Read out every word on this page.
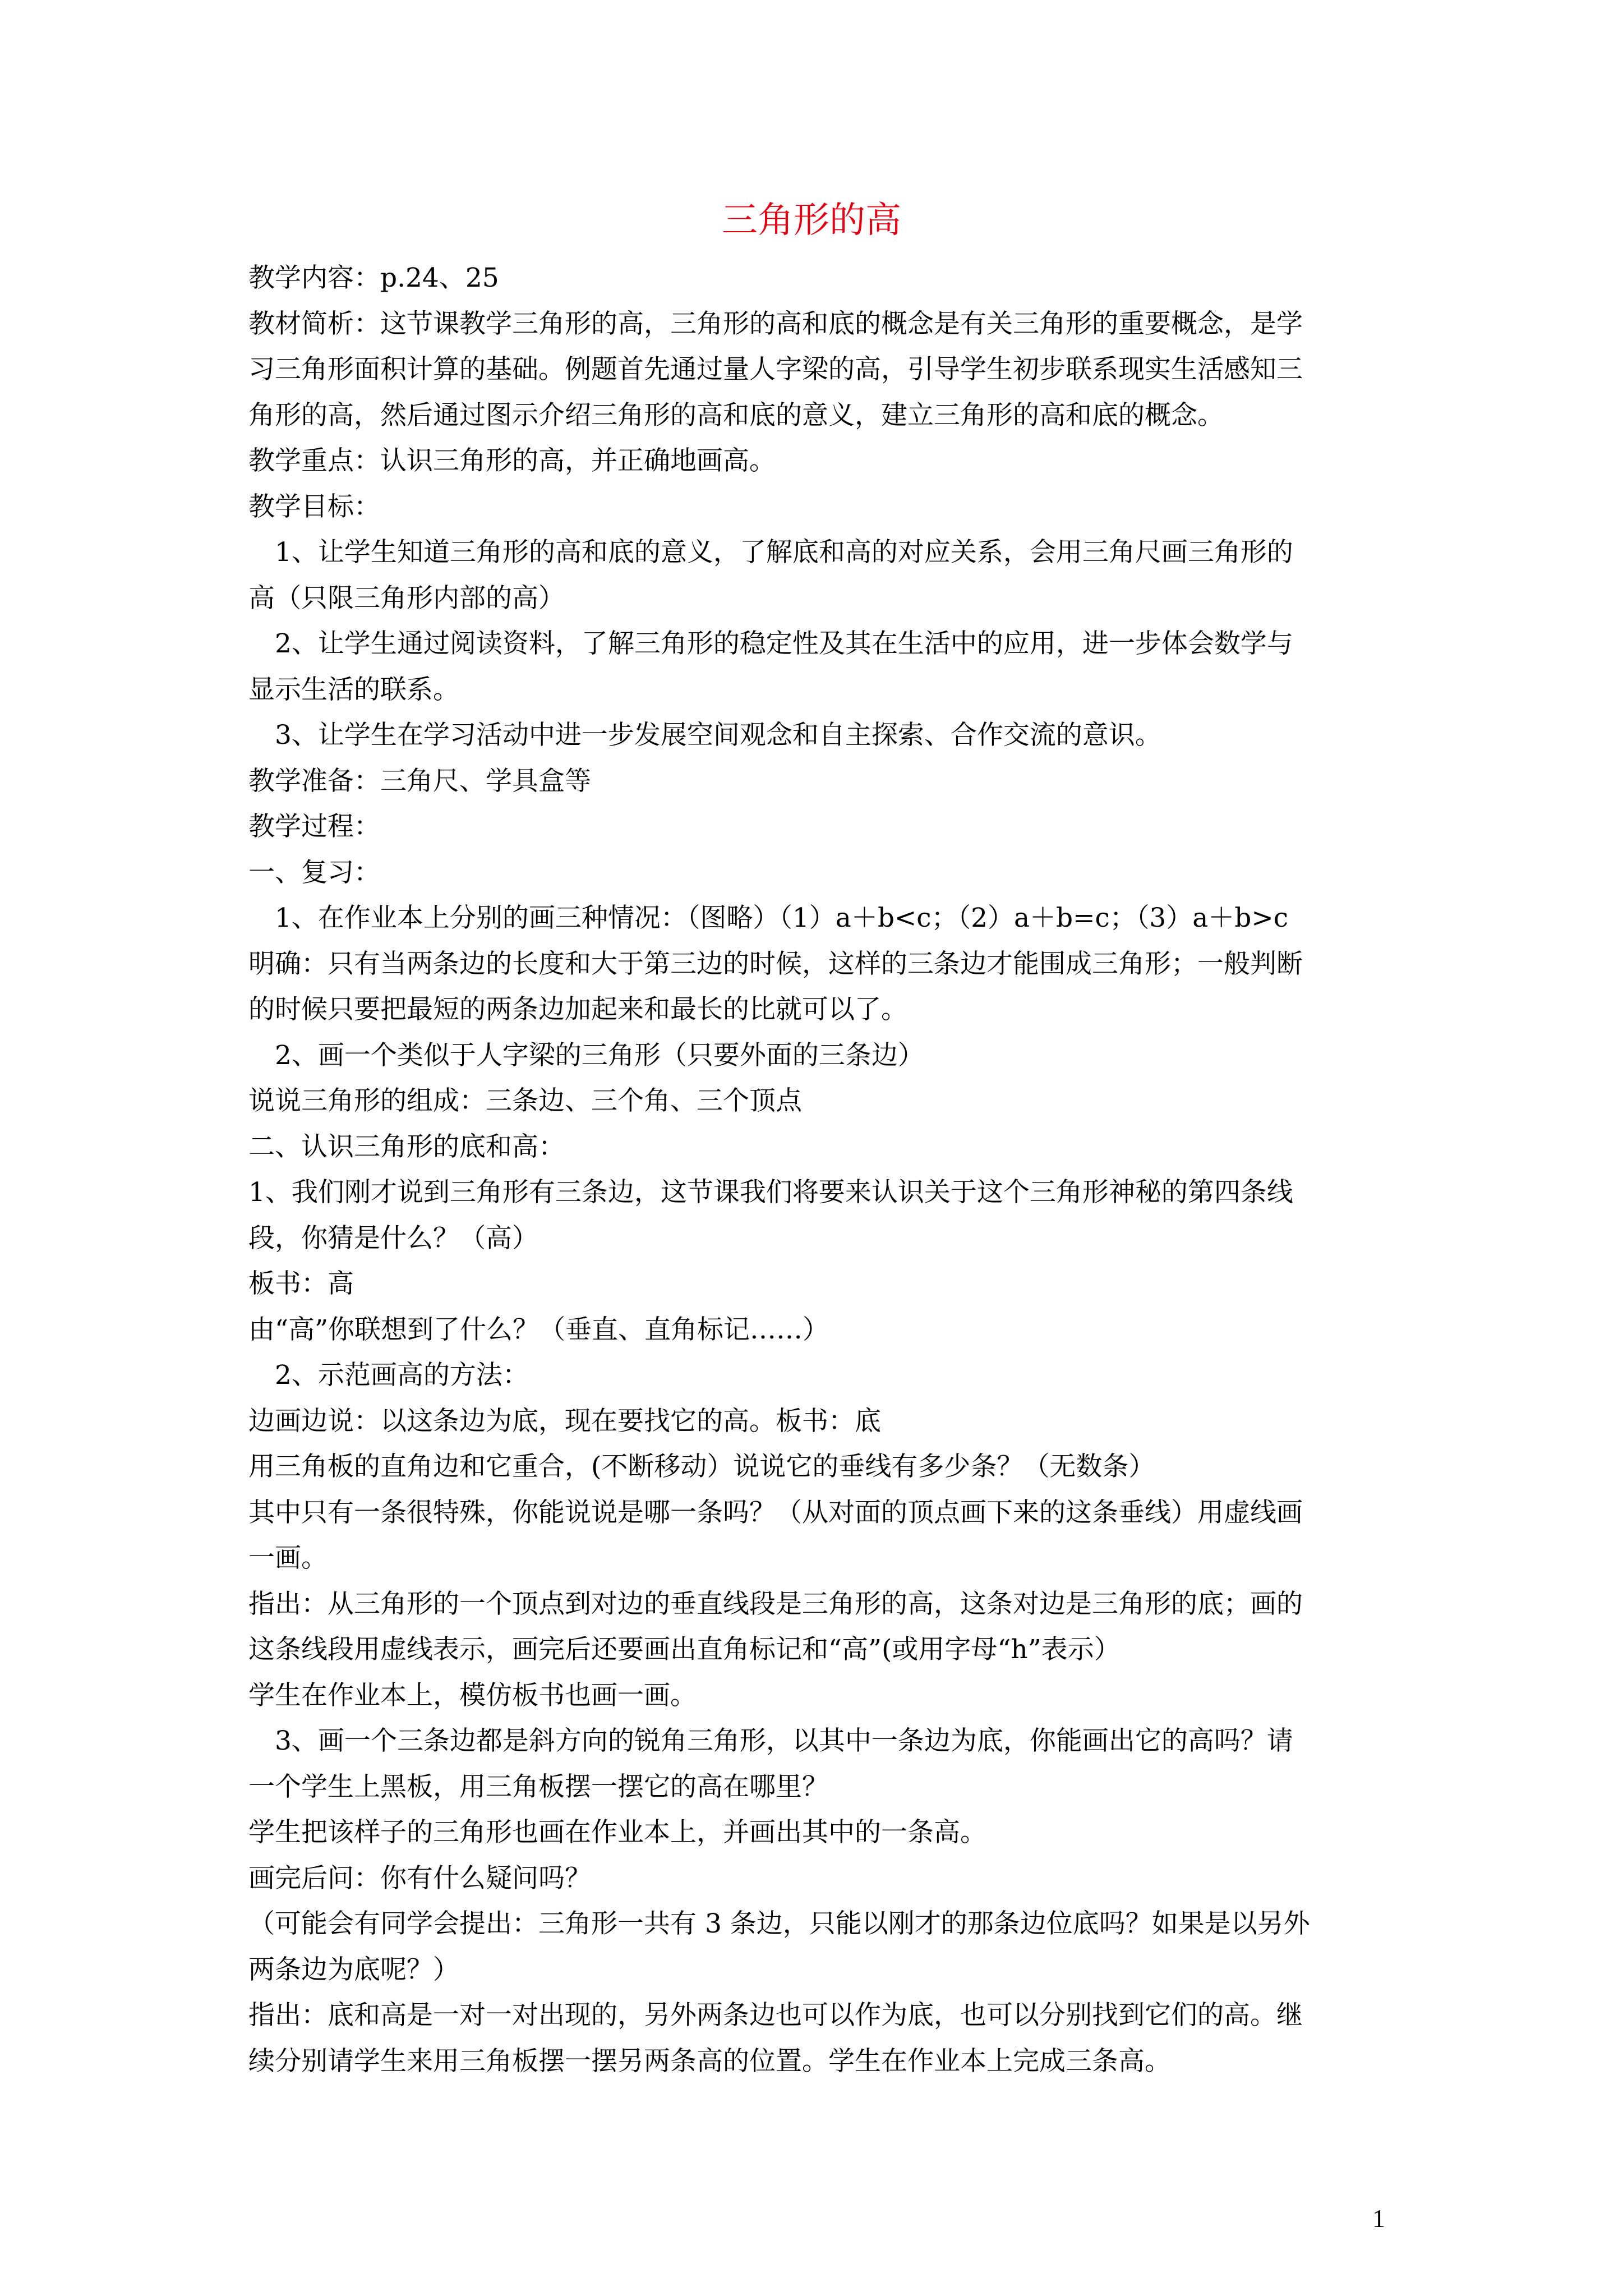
三角形的高
教学内容：p.24、25
教材简析：这节课教学三角形的高，三角形的高和底的概念是有关三角形的重要概念，是学
习三角形面积计算的基础。例题首先通过量人字梁的高，引导学生初步联系现实生活感知三
角形的高，然后通过图示介绍三角形的高和底的意义，建立三角形的高和底的概念。
教学重点：认识三角形的高，并正确地画高。
教学目标：
1、让学生知道三角形的高和底的意义，了解底和高的对应关系，会用三角尺画三角形的
高（只限三角形内部的高）
2、让学生通过阅读资料，了解三角形的稳定性及其在生活中的应用，进一步体会数学与
显示生活的联系。
3、让学生在学习活动中进一步发展空间观念和自主探索、合作交流的意识。
教学准备：三角尺、学具盒等
教学过程：
一、复习：
1、在作业本上分别的画三种情况：（图略）（1）a＋b<c；（2）a＋b=c；（3）a＋b>c
明确：只有当两条边的长度和大于第三边的时候，这样的三条边才能围成三角形；一般判断
的时候只要把最短的两条边加起来和最长的比就可以了。
2、画一个类似于人字梁的三角形（只要外面的三条边）
说说三角形的组成：三条边、三个角、三个顶点
二、认识三角形的底和高：
1、我们刚才说到三角形有三条边，这节课我们将要来认识关于这个三角形神秘的第四条线
段，你猜是什么？（高）
板书：高
由“高”你联想到了什么？（垂直、直角标记……）
2、示范画高的方法：
边画边说：以这条边为底，现在要找它的高。板书：底
用三角板的直角边和它重合，(不断移动）说说它的垂线有多少条？（无数条）
其中只有一条很特殊，你能说说是哪一条吗？（从对面的顶点画下来的这条垂线）用虚线画
一画。
指出：从三角形的一个顶点到对边的垂直线段是三角形的高，这条对边是三角形的底；画的
这条线段用虚线表示，画完后还要画出直角标记和“高”(或用字母“h”表示）
学生在作业本上，模仿板书也画一画。
3、画一个三条边都是斜方向的锐角三角形，以其中一条边为底，你能画出它的高吗？请
一个学生上黑板，用三角板摆一摆它的高在哪里？
学生把该样子的三角形也画在作业本上，并画出其中的一条高。
画完后问：你有什么疑问吗？
（可能会有同学会提出：三角形一共有 3 条边，只能以刚才的那条边位底吗？如果是以另外
两条边为底呢？）
指出：底和高是一对一对出现的，另外两条边也可以作为底，也可以分别找到它们的高。继
续分别请学生来用三角板摆一摆另两条高的位置。学生在作业本上完成三条高。
1
